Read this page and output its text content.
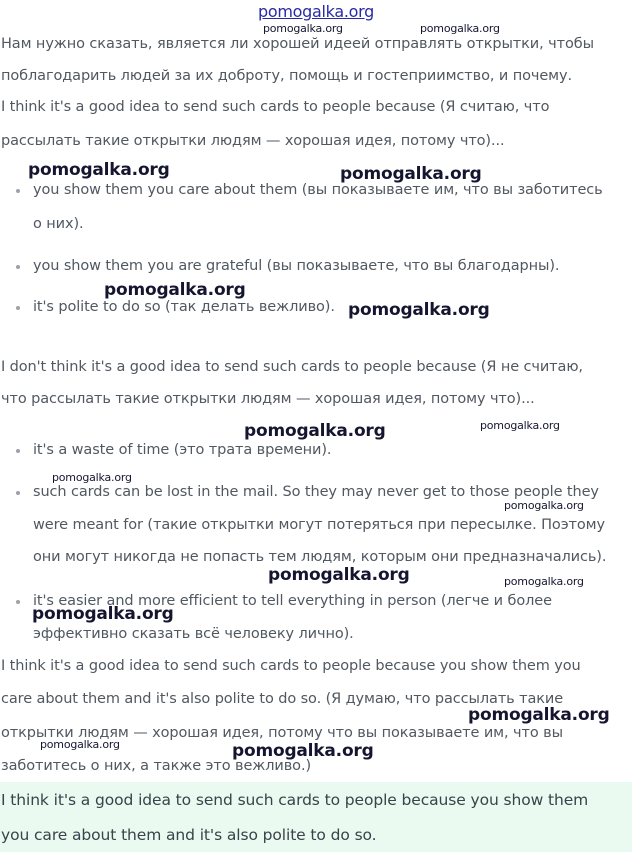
pomogalka.org
Нам нужно сказать, является ли хорошей идеей отправлять открытки, чтобы
поблагодарить людей за их доброту, помощь и гостеприимство, и почему.
I think it's a good idea to send such cards to people because (Я считаю, что
рассылать такие открытки людям — хорошая идея, потому что)...
you show them you care about them (вы показываете им, что вы заботитесь
о них).
you show them you are grateful (вы показываете, что вы благодарны).
it's polite to do so (так делать вежливо).
I don't think it's a good idea to send such cards to people because (Я не считаю,
что рассылать такие открытки людям — хорошая идея, потому что)...
it's a waste of time (это трата времени).
such cards can be lost in the mail. So they may never get to those people they
were meant for (такие открытки могут потеряться при пересылке. Поэтому
они могут никогда не попасть тем людям, которым они предназначались).
it's easier and more efficient to tell everything in person (легче и более
эффективно сказать всё человеку лично).
I think it's a good idea to send such cards to people because you show them you
care about them and it's also polite to do so. (Я думаю, что рассылать такие
открытки людям — хорошая идея, потому что вы показываете им, что вы
заботитесь о них, а также это вежливо.)
I think it's a good idea to send such cards to people because you show them
you care about them and it's also polite to do so.
pomogalka.org	pomogalka.org
pomogalka.org	pomogalka.org
pomogalka.org
pomogalka.org
pomogalka.org	pomogalka.org
pomogalka.org
pomogalka.org
pomogalka.org	pomogalka.org
pomogalka.org
pomogalka.org
pomogalka.org	pomogalka.org
